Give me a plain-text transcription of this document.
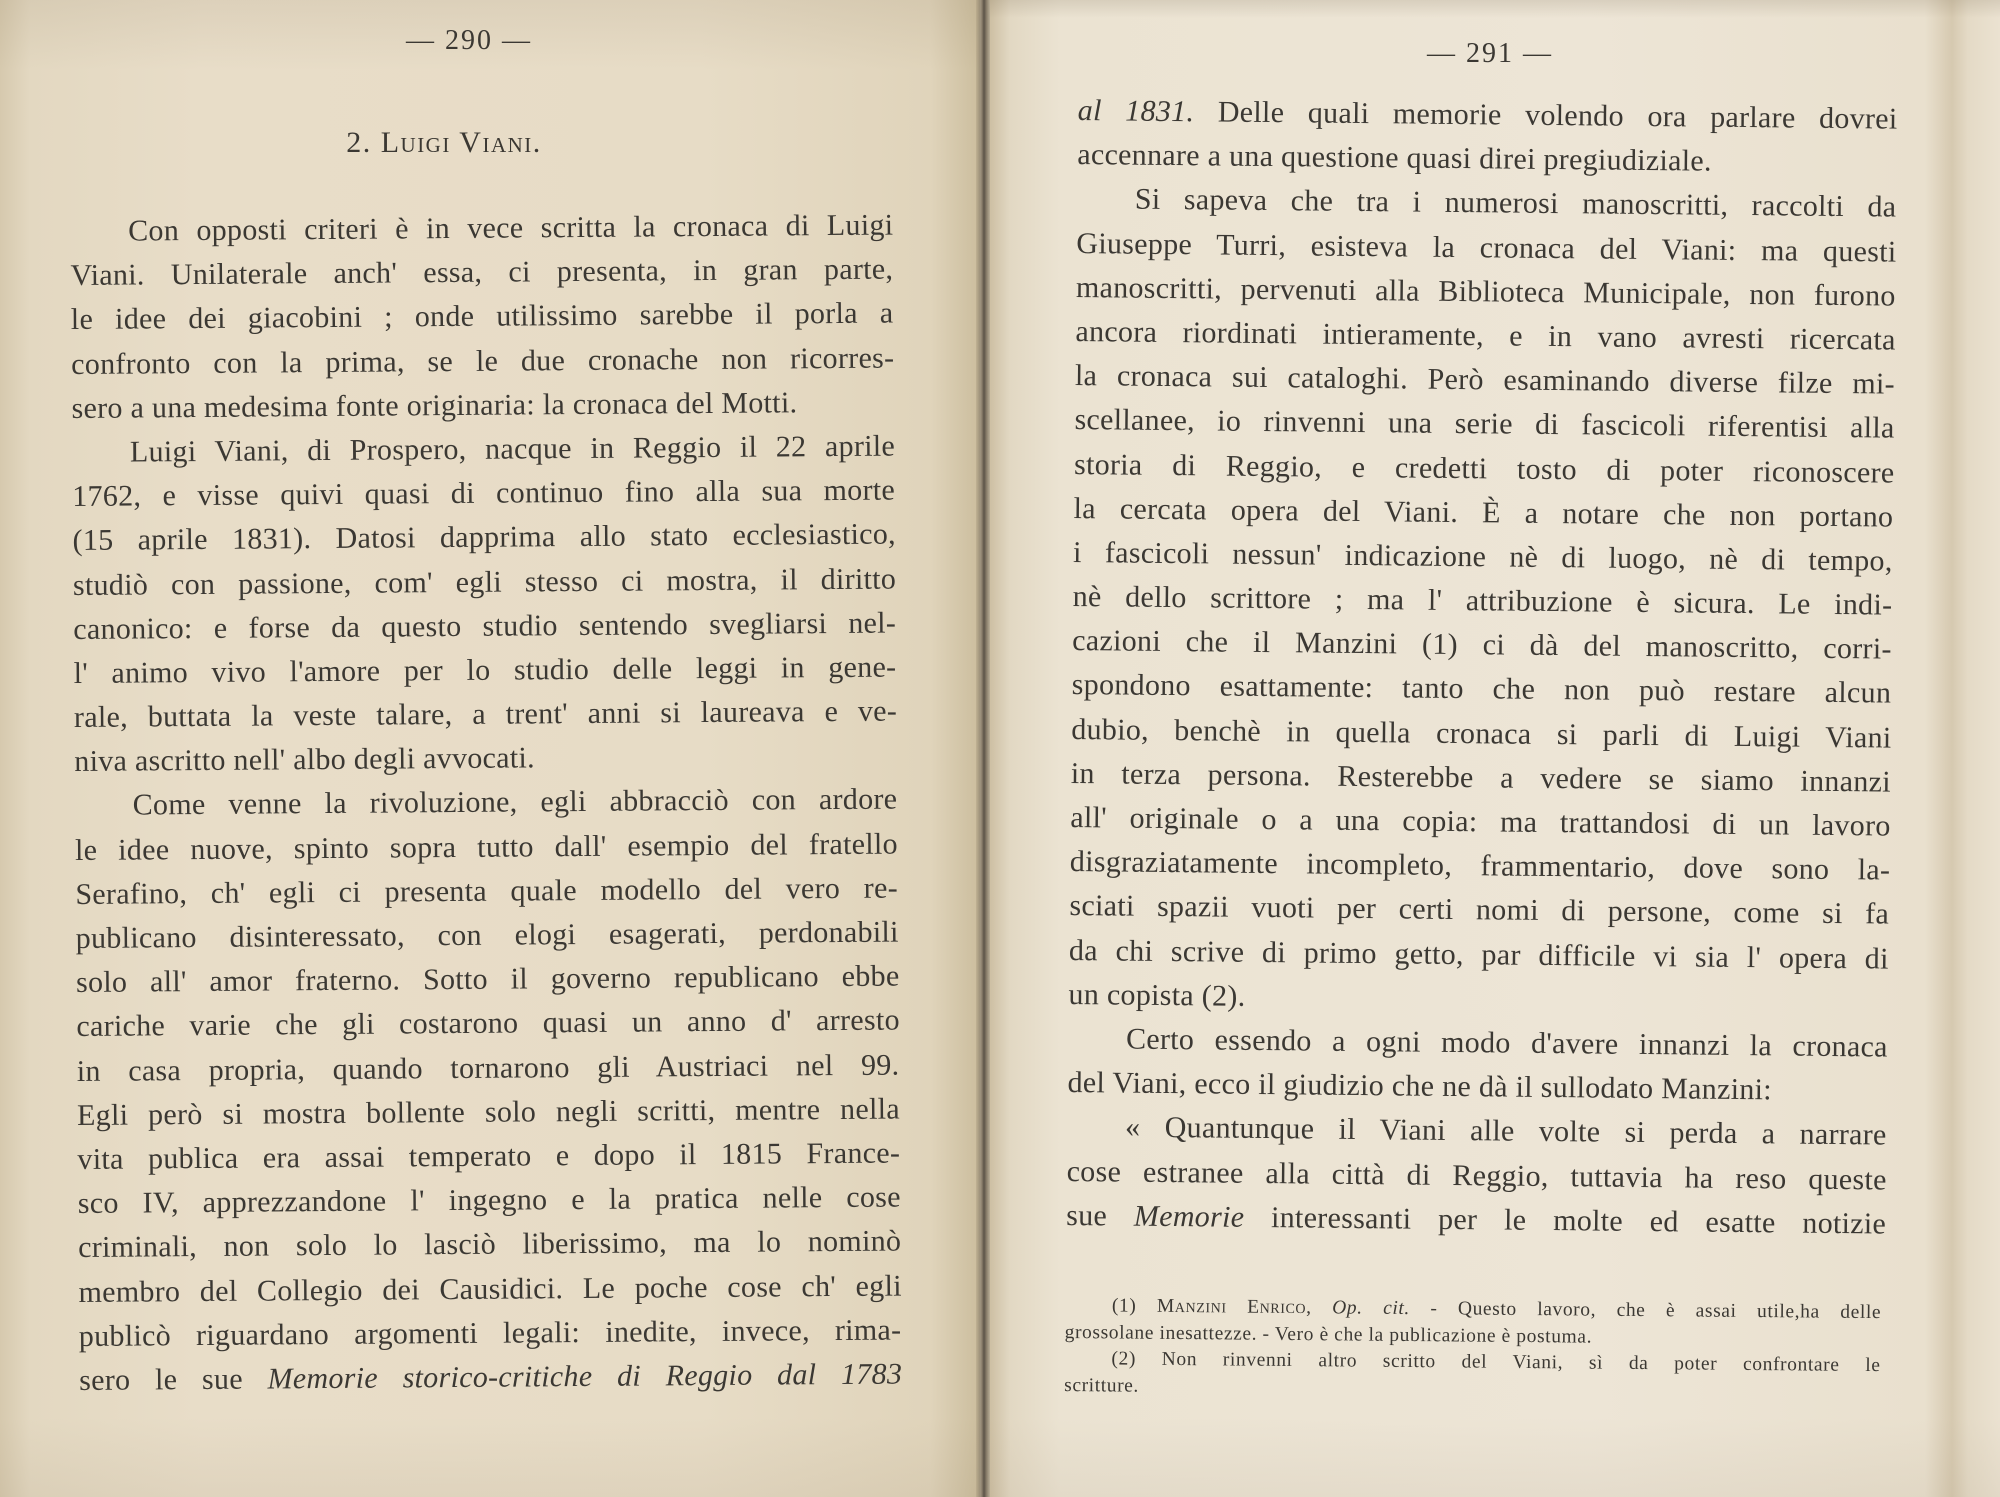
— 290 —
2. Luigi Viani.
Con opposti criteri è in vece scritta la cronaca di Luigi
Viani. Unilaterale anch' essa, ci presenta, in gran parte,
le idee dei giacobini ; onde utilissimo sarebbe il porla a
confronto con la prima, se le due cronache non ricorres-
sero a una medesima fonte originaria: la cronaca del Motti.
Luigi Viani, di Prospero, nacque in Reggio il 22 aprile
1762, e visse quivi quasi di continuo fino alla sua morte
(15 aprile 1831). Datosi dapprima allo stato ecclesiastico,
studiò con passione, com' egli stesso ci mostra, il diritto
canonico: e forse da questo studio sentendo svegliarsi nel-
l' animo vivo l'amore per lo studio delle leggi in gene-
rale, buttata la veste talare, a trent' anni si laureava e ve-
niva ascritto nell' albo degli avvocati.
Come venne la rivoluzione, egli abbracciò con ardore
le idee nuove, spinto sopra tutto dall' esempio del fratello
Serafino, ch' egli ci presenta quale modello del vero re-
publicano disinteressato, con elogi esagerati, perdonabili
solo all' amor fraterno. Sotto il governo republicano ebbe
cariche varie che gli costarono quasi un anno d' arresto
in casa propria, quando tornarono gli Austriaci nel 99.
Egli però si mostra bollente solo negli scritti, mentre nella
vita publica era assai temperato e dopo il 1815 France-
sco IV, apprezzandone l' ingegno e la pratica nelle cose
criminali, non solo lo lasciò liberissimo, ma lo nominò
membro del Collegio dei Causidici. Le poche cose ch' egli
publicò riguardano argomenti legali: inedite, invece, rima-
sero le sue Memorie storico-critiche di Reggio dal 1783
— 291 —
al 1831. Delle quali memorie volendo ora parlare dovrei
accennare a una questione quasi direi pregiudiziale.
Si sapeva che tra i numerosi manoscritti, raccolti da
Giuseppe Turri, esisteva la cronaca del Viani: ma questi
manoscritti, pervenuti alla Biblioteca Municipale, non furono
ancora riordinati intieramente, e in vano avresti ricercata
la cronaca sui cataloghi. Però esaminando diverse filze mi-
scellanee, io rinvenni una serie di fascicoli riferentisi alla
storia di Reggio, e credetti tosto di poter riconoscere
la cercata opera del Viani. È a notare che non portano
i fascicoli nessun' indicazione nè di luogo, nè di tempo,
nè dello scrittore ; ma l' attribuzione è sicura. Le indi-
cazioni che il Manzini (1) ci dà del manoscritto, corri-
spondono esattamente: tanto che non può restare alcun
dubio, benchè in quella cronaca si parli di Luigi Viani
in terza persona. Resterebbe a vedere se siamo innanzi
all' originale o a una copia: ma trattandosi di un lavoro
disgraziatamente incompleto, frammentario, dove sono la-
sciati spazii vuoti per certi nomi di persone, come si fa
da chi scrive di primo getto, par difficile vi sia l' opera di
un copista (2).
Certo essendo a ogni modo d'avere innanzi la cronaca
del Viani, ecco il giudizio che ne dà il sullodato Manzini:
« Quantunque il Viani alle volte si perda a narrare
cose estranee alla città di Reggio, tuttavia ha reso queste
sue Memorie interessanti per le molte ed esatte notizie
(1) Manzini Enrico, Op. cit. - Questo lavoro, che è assai utile,ha delle
grossolane inesattezze. - Vero è che la publicazione è postuma.
(2) Non rinvenni altro scritto del Viani, sì da poter confrontare le
scritture.
